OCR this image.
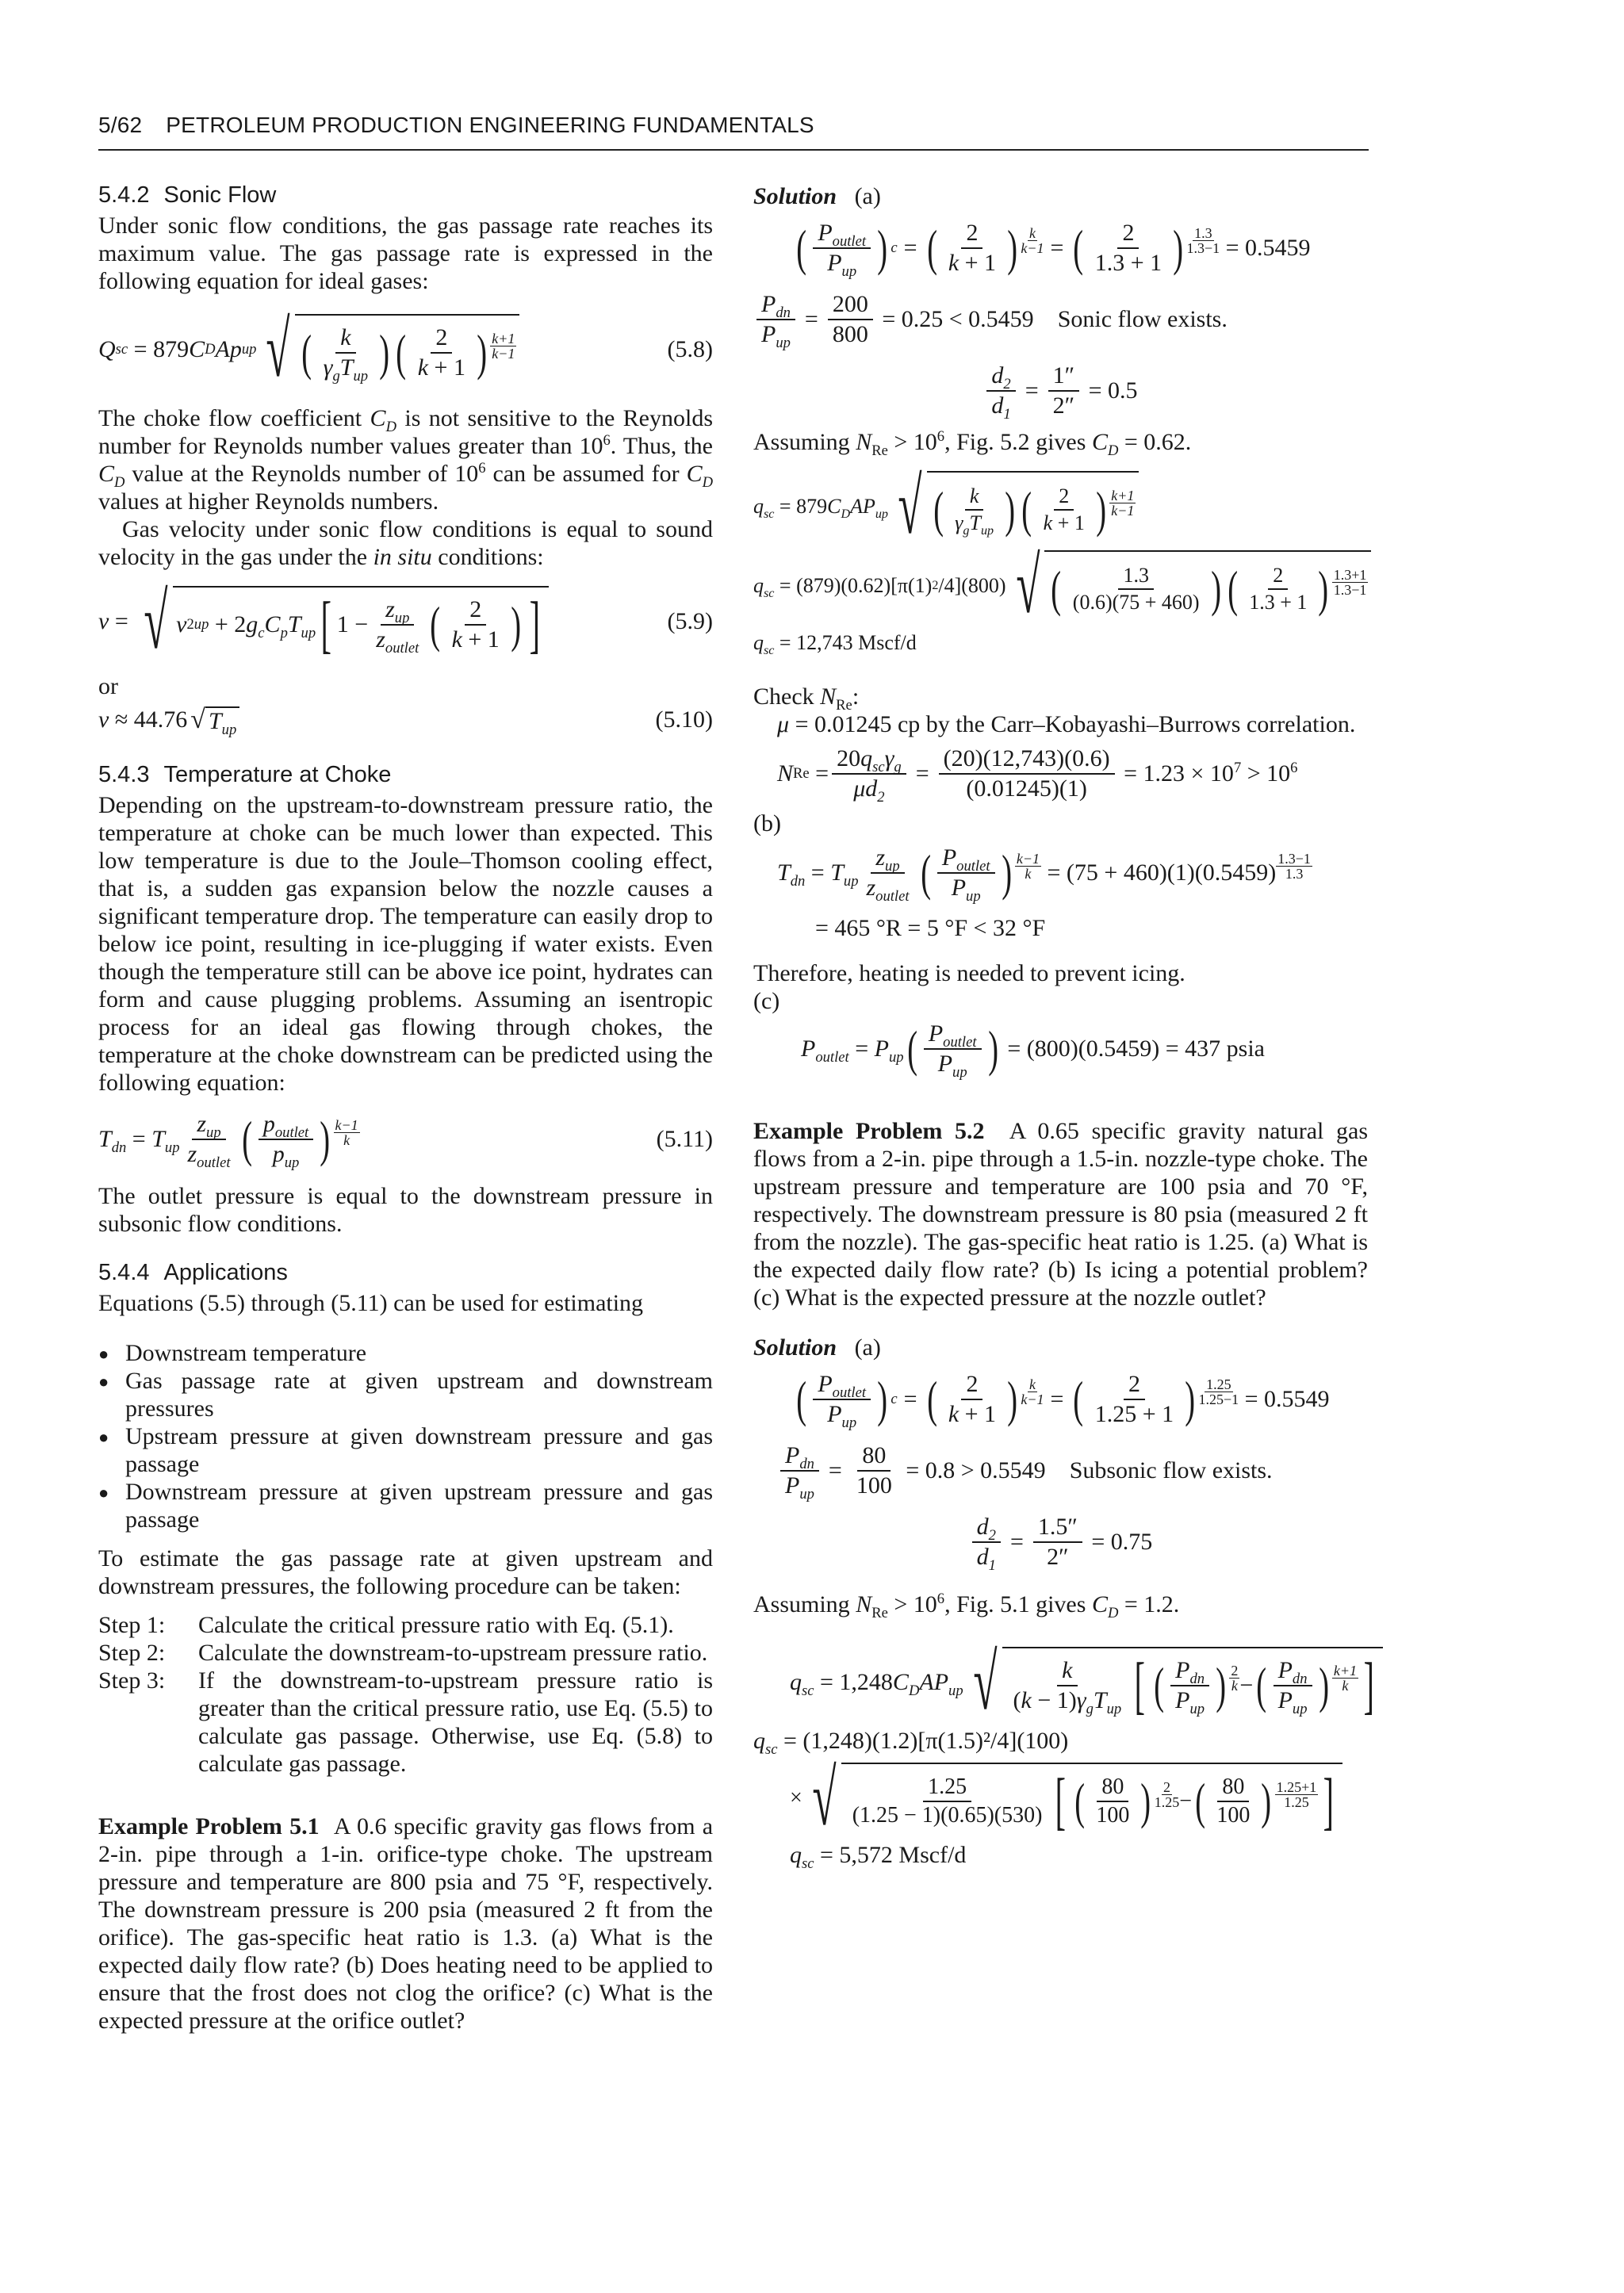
5/62 PETROLEUM PRODUCTION ENGINEERING FUNDAMENTALS
5.4.2 Sonic Flow

Under sonic flow conditions, the gas passage rate reaches its maximum value. The gas passage rate is expressed in the following equation for ideal gases:

Q sc = 879 C D Ap up √ ( $\frac{k}{\gamma_gT_{up}}$ ) ( $\frac{2}{k + 1}$ ) k+1
k−1	(5.8)

The choke flow coefficient $C_D$ is not sensitive to the Reynolds number for Reynolds number values greater than $10^6$. Thus, the $C_D$ value at the Reynolds number of $10^6$ can be assumed for $C_D$ values at higher Reynolds numbers.

Gas velocity under sonic flow conditions is equal to sound velocity in the gas under the in situ conditions:

v = √ v 2 up + 2 $g_cC_pT_{up}$ [ $1 - \frac{z_{up}}{z_{outlet}}$ ( $\frac{2}{k + 1}$ ) ]	(5.9)

or

v ≈ 44.76 √ $T_{up}$	(5.10)
5.4.3 Temperature at Choke

Depending on the upstream-to-downstream pressure ratio, the temperature at choke can be much lower than expected. This low temperature is due to the Joule–Thomson cooling effect, that is, a sudden gas expansion below the nozzle causes a significant temperature drop. The temperature can easily drop to below ice point, resulting in ice-plugging if water exists. Even though the temperature still can be above ice point, hydrates can form and cause plugging problems. Assuming an isentropic process for an ideal gas flowing through chokes, the temperature at the choke downstream can be predicted using the following equation:

$T_{dn} = T_{up} \frac{z_{up}}{z_{outlet}}$ ( $\frac{p_{outlet}}{p_{up}}$ ) k−1
k	(5.11)

The outlet pressure is equal to the downstream pressure in subsonic flow conditions.

5.4.4 Applications

Equations (5.5) through (5.11) can be used for estimating

● Downstream temperature
● Gas passage rate at given upstream and downstream pressures
● Upstream pressure at given downstream pressure and gas passage
● Downstream pressure at given upstream pressure and gas passage

To estimate the gas passage rate at given upstream and downstream pressures, the following procedure can be taken:

Step 1:	Calculate the critical pressure ratio with Eq. (5.1).
Step 2:	Calculate the downstream-to-upstream pressure ratio.
Step 3:	If the downstream-to-upstream pressure ratio is greater than the critical pressure ratio, use Eq. (5.5) to calculate gas passage. Otherwise, use Eq. (5.8) to calculate gas passage.

Example Problem 5.1 A 0.6 specific gravity gas flows from a 2-in. pipe through a 1-in. orifice-type choke. The upstream pressure and temperature are 800 psia and 75 °F, respectively. The downstream pressure is 200 psia (measured 2 ft from the orifice). The gas-specific heat ratio is 1.3. (a) What is the expected daily flow rate? (b) Does heating need to be applied to ensure that the frost does not clog the orifice? (c) What is the expected pressure at the orifice outlet?

Solution (a)

( $\frac{P_{outlet}}{P_{up}}$ ) c = ( $\frac{2}{k + 1}$ ) $\frac{k}{k-1}$ = ( $\frac{2}{1.3 + 1}$ ) $\frac{1.3}{1.3-1}$
= 0.5459
$\frac{P_{dn}}{P_{up}} = \frac{200}{800}$
= 0.25 < 0.5459
Sonic flow exists.
$\frac{d_2}{d_1} = \frac{1''}{2''}$
= 0.5

Assuming $N_{Re} > 10^6$, Fig. 5.2 gives $C_D = 0.62$.

$q_{sc} = 879$ $C_DAP_{up}$ √ ( $\frac{k}{\gamma_gT_{up}}$ ) ( $\frac{2}{k + 1}$ ) k+1
k−1
$q_{sc} = (879)(0.62)[\pi(1)$ 2 /4](800) √ ( $\frac{1.3}{(0.6)(75 + 460)}$ ) ( $\frac{2}{1.3 + 1}$ ) 1.3+1
1.3−1
$q_{sc}$
= 12,743 Mscf/d

Check $N_{Re}$:

μ = 0.01245 cp by the Carr–Kobayashi–Burrows correlation.

N $Re = \frac{20q_{sc}\gamma_g}{\mu d_2} = \frac{(20)(12,743)(0.6)}{(0.01245)(1)}$
= $1.23 \times 10^7 > 10^6$

(b)

$T_{dn} = T_{up} \frac{z_{up}}{z_{outlet}}$ ( $\frac{P_{outlet}}{P_{up}}$ ) $\frac{k-1}{k}$
= (75 + 460)(1)(0.5459)
1.3−1
1.3
= 465 °R = 5 °F < 32 °F

Therefore, heating is needed to prevent icing.

(c)

$P_{outlet} = P_{up}$ ( $\frac{P_{outlet}}{P_{up}}$ )
= (800)(0.5459) = 437 psia

Example Problem 5.2 A 0.65 specific gravity natural gas flows from a 2-in. pipe through a 1.5-in. nozzle-type choke. The upstream pressure and temperature are 100 psia and 70 °F, respectively. The downstream pressure is 80 psia (measured 2 ft from the nozzle). The gas-specific heat ratio is 1.25. (a) What is the expected daily flow rate? (b) Is icing a potential problem? (c) What is the expected pressure at the nozzle outlet?

Solution (a)

( $\frac{P_{outlet}}{P_{up}}$ ) c = ( $\frac{2}{k + 1}$ ) $\frac{k}{k-1}$ = ( $\frac{2}{1.25 + 1}$ ) $\frac{1.25}{1.25-1}$
= 0.5549
$\frac{P_{dn}}{P_{up}} = \frac{80}{100}$
= 0.8 > 0.5549
Subsonic flow exists.
$\frac{d_2}{d_1} = \frac{1.5''}{2''}$
= 0.75

Assuming $N_{Re} > 10^6$, Fig. 5.1 gives $C_D = 1.2$.

$q_{sc} = 1,248$ $C_DAP_{up}$ √ $\frac{k}{(k - 1)\gamma_gT_{up}}$ [ ( $\frac{P_{dn}}{P_{up}}$ ) 2
k − ( $\frac{P_{dn}}{P_{up}}$ ) k+1
k ]
$q_{sc}$
= (1,248)(1.2)[π(1.5)²/4](100)
× √ $\frac{1.25}{(1.25 - 1)(0.65)(530)}$ [ ( $\frac{80}{100}$ ) 2
1.25 − ( $\frac{80}{100}$ ) 1.25+1
1.25 ]
$q_{sc}$
= 5,572 Mscf/d
